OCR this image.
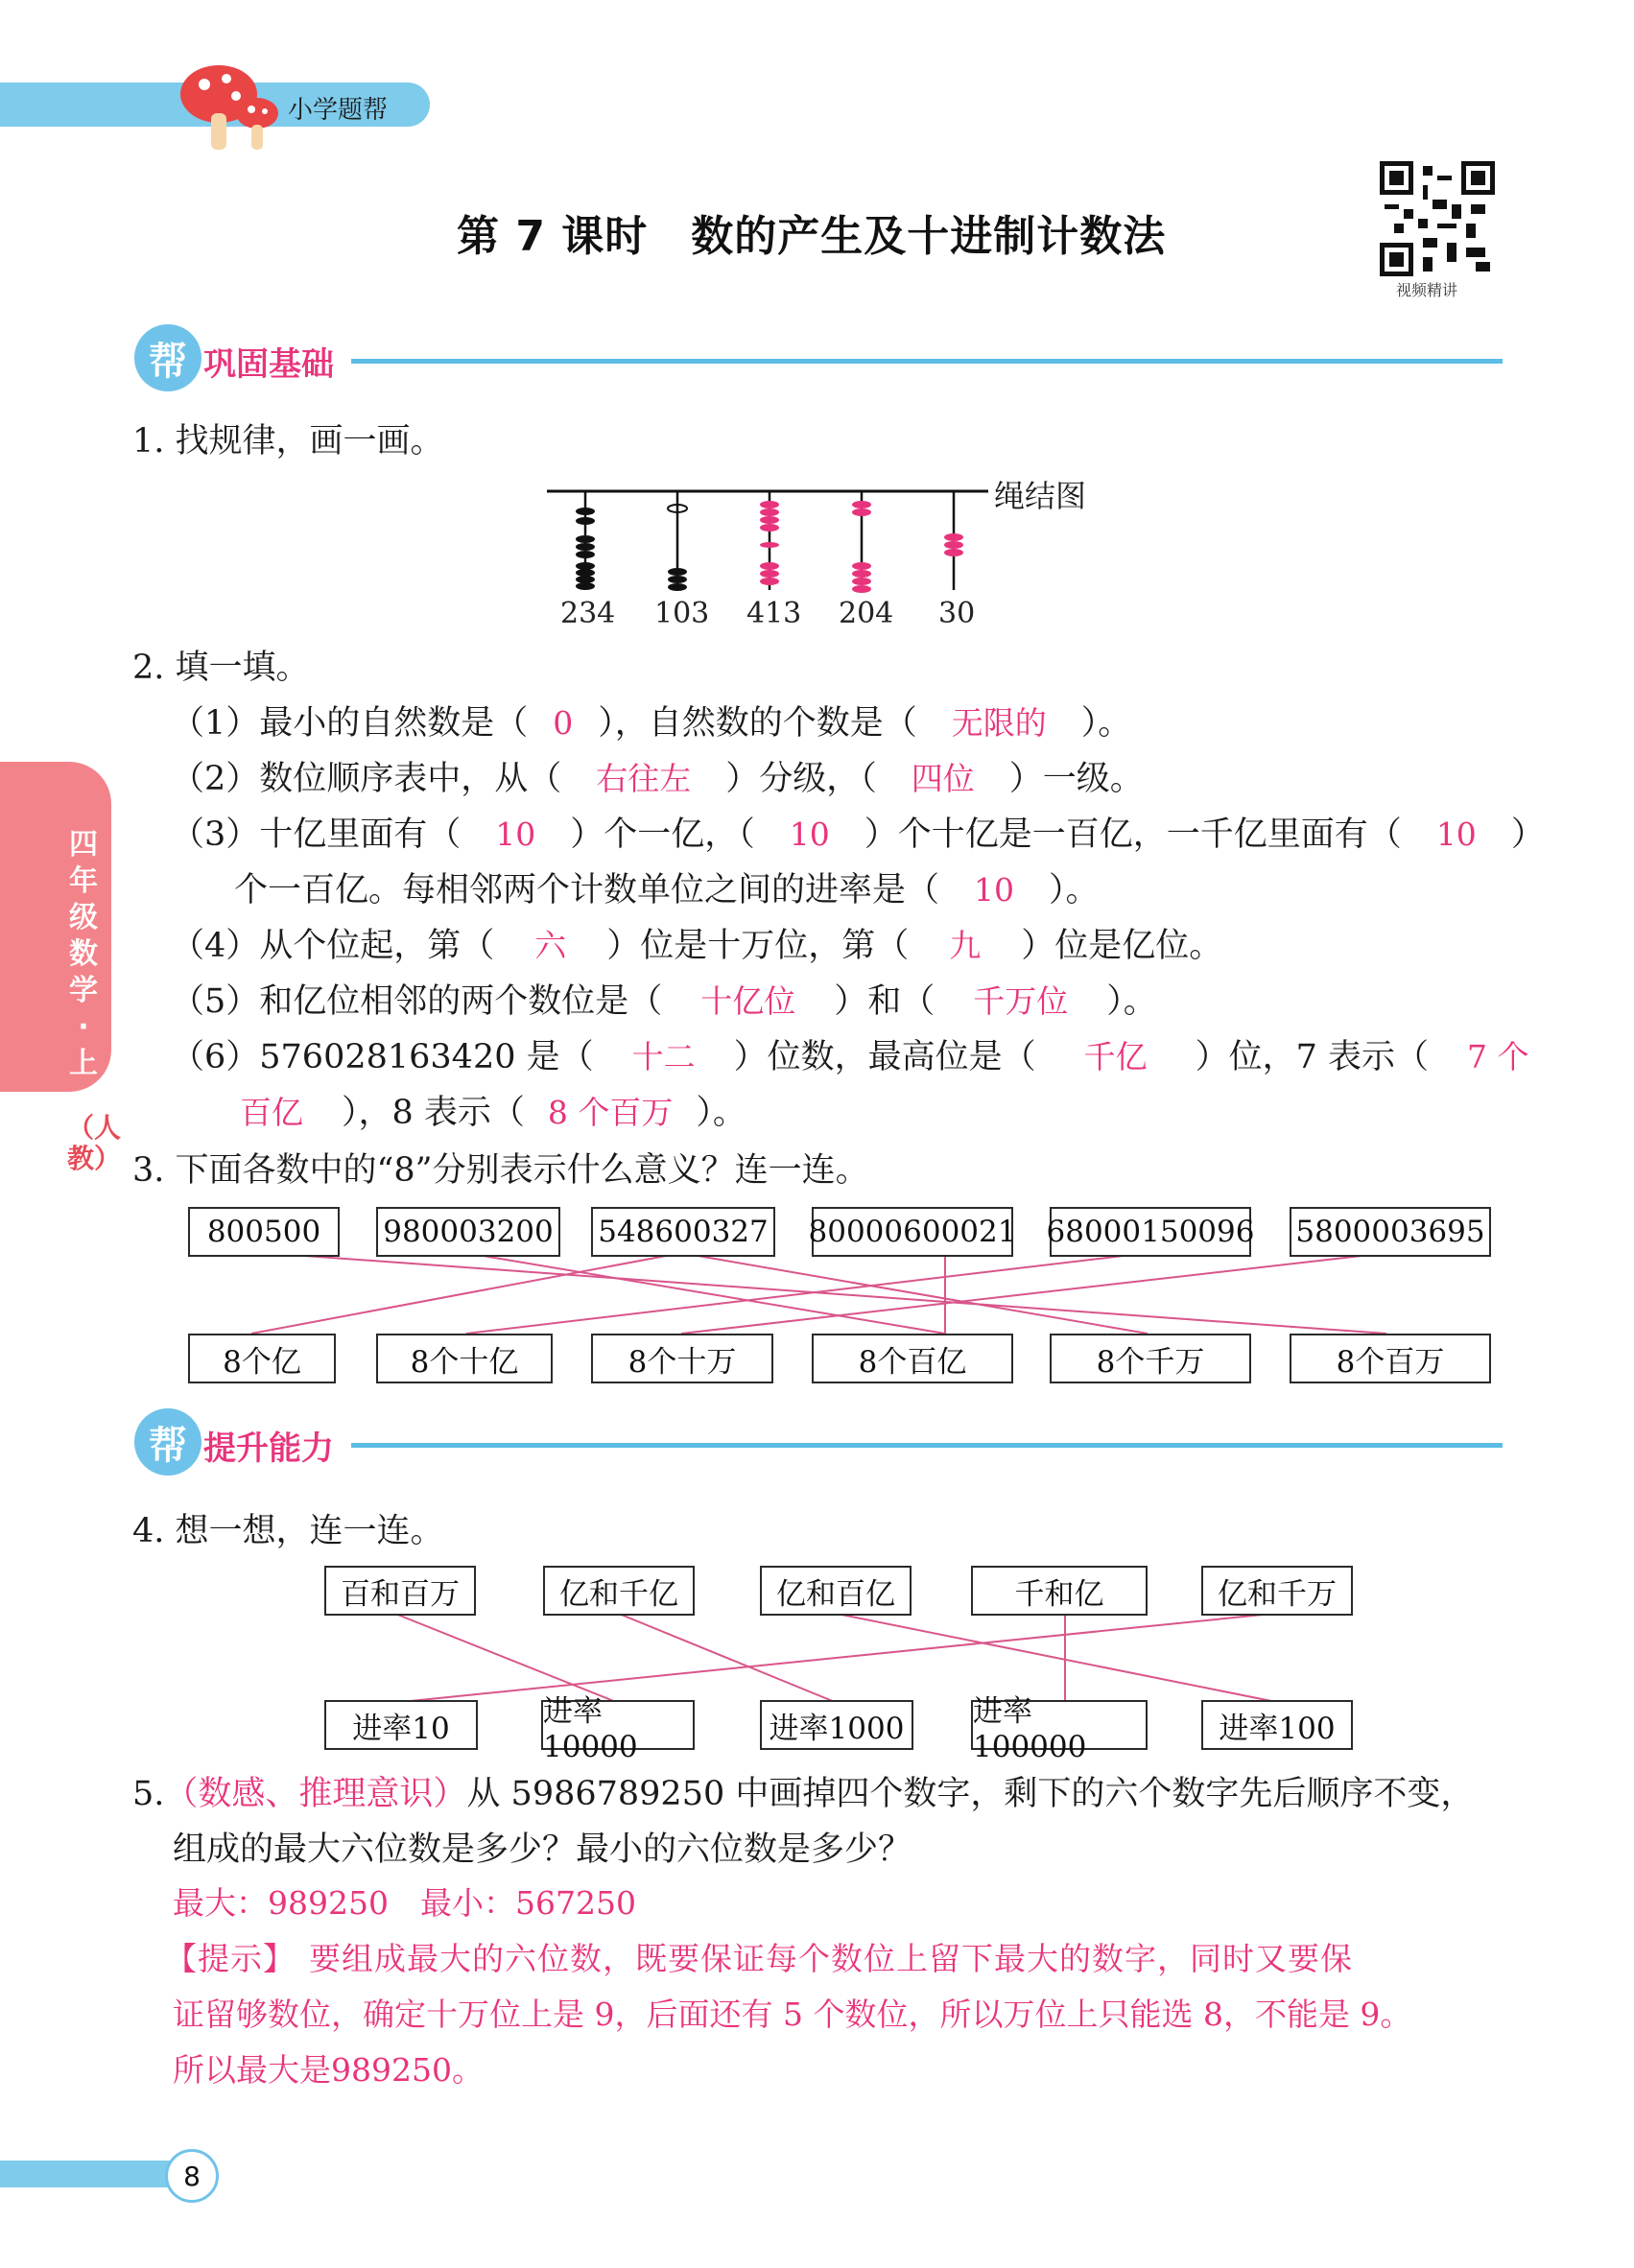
小学题帮
第 7 课时　数的产生及十进制计数法
视频精讲
帮 巩固基础
四年级数学·上
（人教）
1. 找规律，画一画。
绳结图
234 103 413 204 30
2. 填一填。
（1）最小的自然数是（ 0 ），自然数的个数是（ 无限的 ）。
（2）数位顺序表中，从（ 右往左 ）分级，（ 四位 ）一级。
（3）十亿里面有（ 10 ）个一亿，（ 10 ）个十亿是一百亿，一千亿里面有（ 10 ）
个一百亿。每相邻两个计数单位之间的进率是（ 10 ）。
（4）从个位起，第（ 六 ）位是十万位，第（ 九 ）位是亿位。
（5）和亿位相邻的两个数位是（ 十亿位 ）和（ 千万位 ）。
（6）576028163420 是（ 十二 ）位数，最高位是（ 千亿 ）位，7 表示（ 7 个
百亿 ），8 表示（ 8 个百万 ）。
3. 下面各数中的“8”分别表示什么意义？连一连。
800500	980003200 548600327 80000600021 68000150096 5800003695
8个亿	8个十亿	8个十万	8个百亿	8个千万	8个百万
帮 提升能力
4. 想一想，连一连。
百和百万	亿和千亿	亿和百亿	千和亿	亿和千万
进率10	进率10000
进率1000	进率100000
进率100
5.（数感、推理意识）从 5986789250 中画掉四个数字，剩下的六个数字先后顺序不变，
组成的最大六位数是多少？最小的六位数是多少？
最大：989250　最小：567250
【提示】 要组成最大的六位数，既要保证每个数位上留下最大的数字，同时又要保
证留够数位，确定十万位上是 9，后面还有 5 个数位，所以万位上只能选 8，不能是 9。
所以最大是989250。
8
